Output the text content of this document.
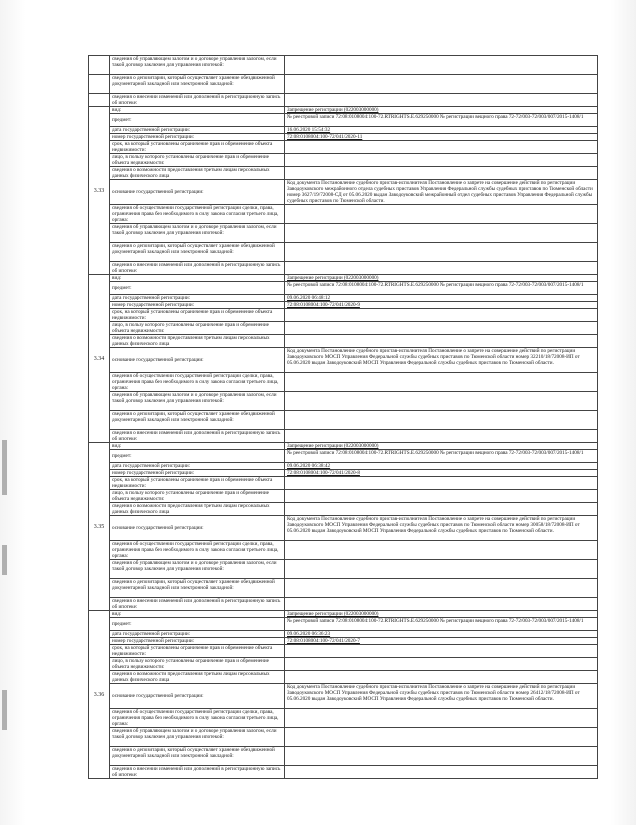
	сведения об управляющем залогом и о договоре управления залогом, если такой договор заключен для управления ипотекой:	
	сведения о депозитарии, который осуществляет хранение обездвиженной документарной закладной или электронной закладной:	
	сведения о внесении изменений или дополнений в регистрационную запись об ипотеке:	
3.33	вид:	Запрещение регистрации (022003000000)
	предмет:	№ реестровой записи 72:08:0108004:100-72.RTRIGHTS.E.629250000 № регистрации вещного права 72-72/003-72/003/007/2015-1408/1
	дата государственной регистрации:	16.06.2020 15:54:32
	номер государственной регистрации:	72:08:0108004:100-72/041/2020-11
	срок, на который установлены ограничение прав и обременение объекта недвижимости:	
	лицо, в пользу которого установлены ограничение прав и обременение объекта недвижимости:	
	сведения о возможности предоставления третьим лицам персональных данных физического лица	
	основание государственной регистрации:	Код документа Постановление судебного пристав-исполнителя Постановление о запрете на совершение действий по регистрации Заводоуковского межрайонного отдела судебных приставов Управления Федеральной службы судебных приставов по Тюменской области номер 3627/19/72008-СД от 05.06.2020 выдан Заводоуковский межрайонный отдел судебных приставов Управления Федеральной службы судебных приставов по Тюменской области.
	сведения об осуществлении государственной регистрации сделки, права, ограничения права без необходимого в силу закона согласия третьего лица, органа:	
	сведения об управляющем залогом и о договоре управления залогом, если такой договор заключен для управления ипотекой:	
	сведения о депозитарии, который осуществляет хранение обездвиженной документарной закладной или электронной закладной:	
	сведения о внесении изменений или дополнений в регистрационную запись об ипотеке:	
3.34	вид:	Запрещение регистрации (022003000000)
	предмет:	№ реестровой записи 72:08:0108004:100-72.RTRIGHTS.E.629250000 № регистрации вещного права 72-72/003-72/003/007/2015-1408/1
	дата государственной регистрации:	09.06.2020 06:48:12
	номер государственной регистрации:	72:08:0108004:100-72/041/2020-9
	срок, на который установлены ограничение прав и обременение объекта недвижимости:	
	лицо, в пользу которого установлены ограничение прав и обременение объекта недвижимости:	
	сведения о возможности предоставления третьим лицам персональных данных физического лица	
	основание государственной регистрации:	Код документа Постановление судебного пристав-исполнителя Постановление о запрете на совершение действий по регистрации Заводоуковского МОСП Управления Федеральной службы судебных приставов по Тюменской области номер 32210/18/72008-ИП от 05.06.2020 выдан Заводоуковский МОСП Управления Федеральной службы судебных приставов по Тюменской области.
	сведения об осуществлении государственной регистрации сделки, права, ограничения права без необходимого в силу закона согласия третьего лица, органа:	
	сведения об управляющем залогом и о договоре управления залогом, если такой договор заключен для управления ипотекой:	
	сведения о депозитарии, который осуществляет хранение обездвиженной документарной закладной или электронной закладной:	
	сведения о внесении изменений или дополнений в регистрационную запись об ипотеке:	
3.35	вид:	Запрещение регистрации (022003000000)
	предмет:	№ реестровой записи 72:08:0108004:100-72.RTRIGHTS.E.629250000 № регистрации вещного права 72-72/003-72/003/007/2015-1408/1
	дата государственной регистрации:	09.06.2020 06:38:42
	номер государственной регистрации:	72:08:0108004:100-72/041/2020-8
	срок, на который установлены ограничение прав и обременение объекта недвижимости:	
	лицо, в пользу которого установлены ограничение прав и обременение объекта недвижимости:	
	сведения о возможности предоставления третьим лицам персональных данных физического лица	
	основание государственной регистрации:	Код документа Постановление судебного пристав-исполнителя Постановление о запрете на совершение действий по регистрации Заводоуковского МОСП Управления Федеральной службы судебных приставов по Тюменской области номер 30058/18/72008-ИП от 05.06.2020 выдан Заводоуковский МОСП Управления Федеральной службы судебных приставов по Тюменской области.
	сведения об осуществлении государственной регистрации сделки, права, ограничения права без необходимого в силу закона согласия третьего лица, органа:	
	сведения об управляющем залогом и о договоре управления залогом, если такой договор заключен для управления ипотекой:	
	сведения о депозитарии, который осуществляет хранение обездвиженной документарной закладной или электронной закладной:	
	сведения о внесении изменений или дополнений в регистрационную запись об ипотеке:	
3.36	вид:	Запрещение регистрации (022003000000)
	предмет:	№ реестровой записи 72:08:0108004:100-72.RTRIGHTS.E.629250000 № регистрации вещного права 72-72/003-72/003/007/2015-1408/1
	дата государственной регистрации:	09.06.2020 06:36:23
	номер государственной регистрации:	72:08:0108004:100-72/041/2020-7
	срок, на который установлены ограничение прав и обременение объекта недвижимости:	
	лицо, в пользу которого установлены ограничение прав и обременение объекта недвижимости:	
	сведения о возможности предоставления третьим лицам персональных данных физического лица	
	основание государственной регистрации:	Код документа Постановление судебного пристав-исполнителя Постановление о запрете на совершение действий по регистрации Заводоуковского МОСП Управления Федеральной службы судебных приставов по Тюменской области номер 26412/18/72008-ИП от 05.06.2020 выдан Заводоуковский МОСП Управления Федеральной службы судебных приставов по Тюменской области.
	сведения об осуществлении государственной регистрации сделки, права, ограничения права без необходимого в силу закона согласия третьего лица, органа:	
	сведения об управляющем залогом и о договоре управления залогом, если такой договор заключен для управления ипотекой:	
	сведения о депозитарии, который осуществляет хранение обездвиженной документарной закладной или электронной закладной:	
	сведения о внесении изменений или дополнений в регистрационную запись об ипотеке:	
